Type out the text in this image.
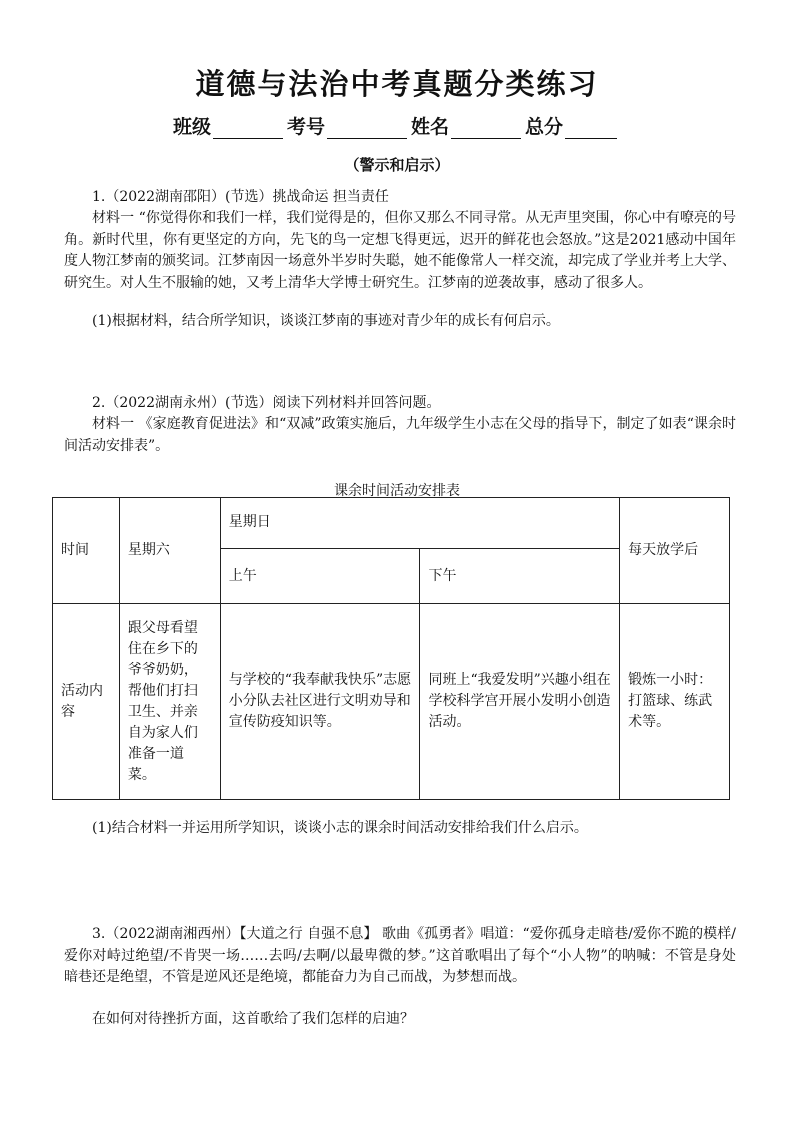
道德与法治中考真题分类练习
班级	考号	姓名	总分
（警示和启示）

1.（2022湖南邵阳）(节选）挑战命运 担当责任

材料一 “你觉得你和我们一样，我们觉得是的，但你又那么不同寻常。从无声里突围，你心中有嘹亮的号角。新时代里，你有更坚定的方向，先飞的鸟一定想飞得更远，迟开的鲜花也会怒放。”这是2021感动中国年度人物江梦南的颁奖词。江梦南因一场意外半岁时失聪，她不能像常人一样交流，却完成了学业并考上大学、研究生。对人生不服输的她，又考上清华大学博士研究生。江梦南的逆袭故事，感动了很多人。

(1)根据材料，结合所学知识，谈谈江梦南的事迹对青少年的成长有何启示。

2.（2022湖南永州）(节选）阅读下列材料并回答问题。

材料一 《家庭教育促进法》和“双减”政策实施后，九年级学生小志在父母的指导下，制定了如表“课余时间活动安排表”。

课余时间活动安排表
时间	星期六	星期日		每天放学后
		上午	下午	
活动内容	跟父母看望住在乡下的爷爷奶奶，帮他们打扫卫生、并亲自为家人们准备一道菜。	与学校的“我奉献我快乐”志愿小分队去社区进行文明劝导和宣传防疫知识等。	同班上“我爱发明”兴趣小组在学校科学宫开展小发明小创造活动。	锻炼一小时：打篮球、练武术等。

(1)结合材料一并运用所学知识，谈谈小志的课余时间活动安排给我们什么启示。

3.（2022湖南湘西州）【大道之行 自强不息】 歌曲《孤勇者》唱道：“爱你孤身走暗巷/爱你不跪的模样/爱你对峙过绝望/不肯哭一场……去吗/去啊/以最卑微的梦。”这首歌唱出了每个“小人物”的呐喊：不管是身处暗巷还是绝望，不管是逆风还是绝境，都能奋力为自己而战，为梦想而战。

在如何对待挫折方面，这首歌给了我们怎样的启迪？
